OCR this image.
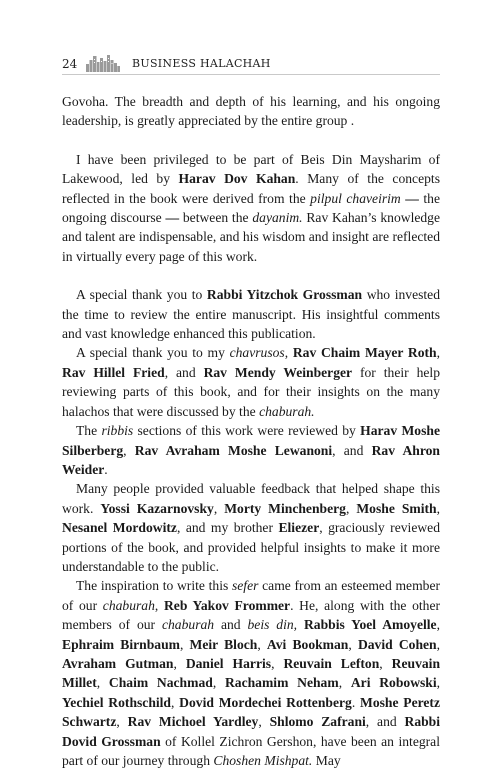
24	BUSINESS HALACHAH

Govoha. The breadth and depth of his learning, and his ongoing leadership, is greatly appreciated by the entire group .

I have been privileged to be part of Beis Din Maysharim of Lakewood, led by Harav Dov Kahan. Many of the concepts reflected in the book were derived from the pilpul chaveirim — the ongoing discourse — between the dayanim. Rav Kahan’s knowledge and talent are indispensable, and his wisdom and insight are reflected in virtually every page of this work.

A special thank you to Rabbi Yitzchok Grossman who invested the time to review the entire manuscript. His insightful comments and vast knowledge enhanced this publication.

A special thank you to my chavrusos, Rav Chaim Mayer Roth, Rav Hillel Fried, and Rav Mendy Weinberger for their help reviewing parts of this book, and for their insights on the many halachos that were discussed by the chaburah.

The ribbis sections of this work were reviewed by Harav Moshe Silberberg, Rav Avraham Moshe Lewanoni, and Rav Ahron Weider.

Many people provided valuable feedback that helped shape this work. Yossi Kazarnovsky, Morty Minchenberg, Moshe Smith, Nesanel Mordowitz, and my brother Eliezer, graciously reviewed portions of the book, and provided helpful insights to make it more understandable to the public.

The inspiration to write this sefer came from an esteemed member of our chaburah, Reb Yakov Frommer. He, along with the other members of our chaburah and beis din, Rabbis Yoel Amoyelle, Ephraim Birnbaum, Meir Bloch, Avi Bookman, David Cohen, Avraham Gutman, Daniel Harris, Reuvain Lefton, Reuvain Millet, Chaim Nachmad, Rachamim Neham, Ari Robowski, Yechiel Rothschild, Dovid Mordechei Rottenberg. Moshe Peretz Schwartz, Rav Michoel Yardley, Shlomo Zafrani, and Rabbi Dovid Grossman of Kollel Zichron Gershon, have been an integral part of our journey through Choshen Mishpat. May
